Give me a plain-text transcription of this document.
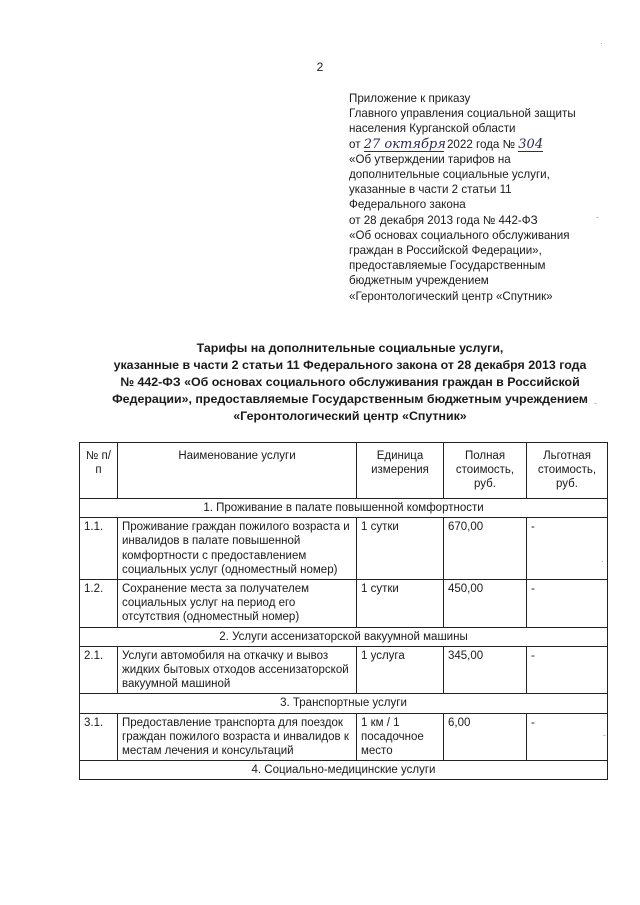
2
Приложение к приказу
Главного управления социальной защиты
населения Курганской области
от 27 октября 2022 года № 304
«Об утверждении тарифов на
дополнительные социальные услуги,
указанные в части 2 статьи 11
Федерального закона
от 28 декабря 2013 года № 442-ФЗ
«Об основах социального обслуживания
граждан в Российской Федерации»,
предоставляемые Государственным
бюджетным учреждением
«Геронтологический центр «Спутник»
Тарифы на дополнительные социальные услуги,
указанные в части 2 статьи 11 Федерального закона от 28 декабря 2013 года
№ 442-ФЗ «Об основах социального обслуживания граждан в Российской
Федерации», предоставляемые Государственным бюджетным учреждением
«Геронтологический центр «Спутник»
№ п/п	Наименование услуги	Единица измерения	Полная стоимость, руб.	Льготная стоимость, руб.
1. Проживание в палате повышенной комфортности				
1.1.	Проживание граждан пожилого возраста и инвалидов в палате повышенной комфортности с предоставлением социальных услуг (одноместный номер)	1 сутки	670,00	-
1.2.	Сохранение места за получателем социальных услуг на период его отсутствия (одноместный номер)	1 сутки	450,00	-
2. Услуги ассенизаторской вакуумной машины				
2.1.	Услуги автомобиля на откачку и вывоз жидких бытовых отходов ассенизаторской вакуумной машиной	1 услуга	345,00	-
3. Транспортные услуги				
3.1.	Предоставление транспорта для поездок граждан пожилого возраста и инвалидов к местам лечения и консультаций	1 км / 1 посадочное место	6,00	-
4. Социально-медицинские услуги				
·
-
-
·
-
